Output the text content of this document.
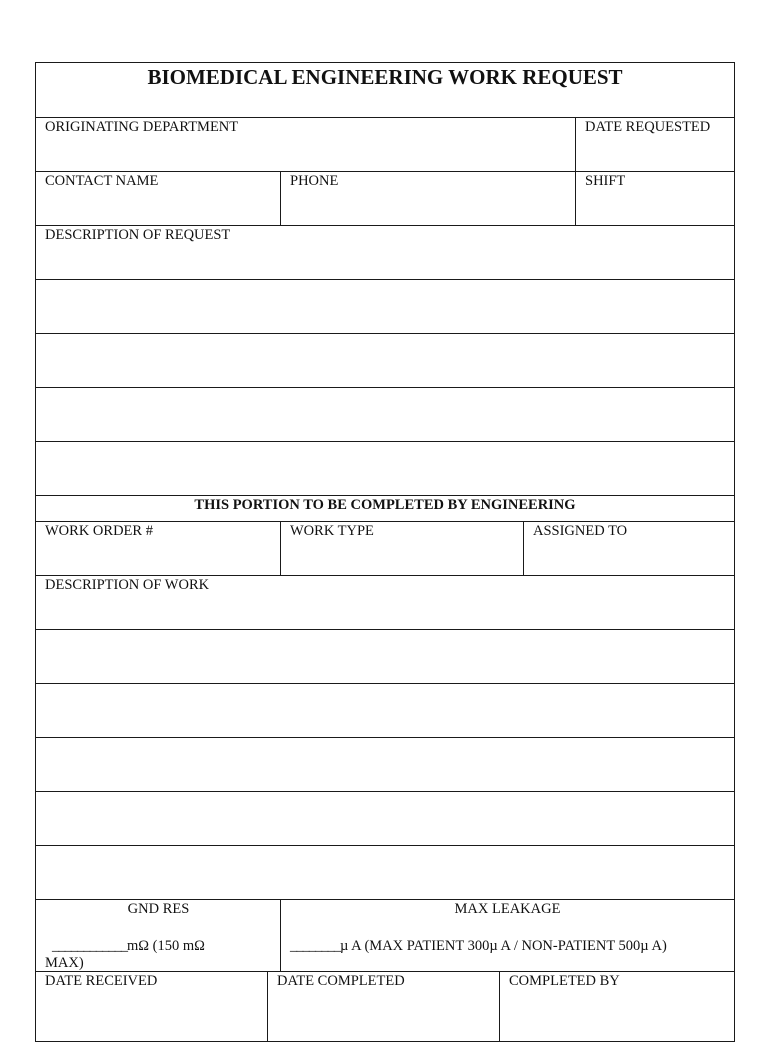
BIOMEDICAL ENGINEERING WORK REQUEST
ORIGINATING DEPARTMENT	DATE REQUESTED
CONTACT NAME	PHONE	SHIFT
DESCRIPTION OF REQUEST
THIS PORTION TO BE COMPLETED BY ENGINEERING
WORK ORDER #	WORK TYPE	ASSIGNED TO
DESCRIPTION OF WORK
GND RES
____________mΩ (150 mΩ
MAX)
MAX LEAKAGE
________µ A (MAX PATIENT 300µ A / NON-PATIENT 500µ A)
DATE RECEIVED	DATE COMPLETED	COMPLETED BY
